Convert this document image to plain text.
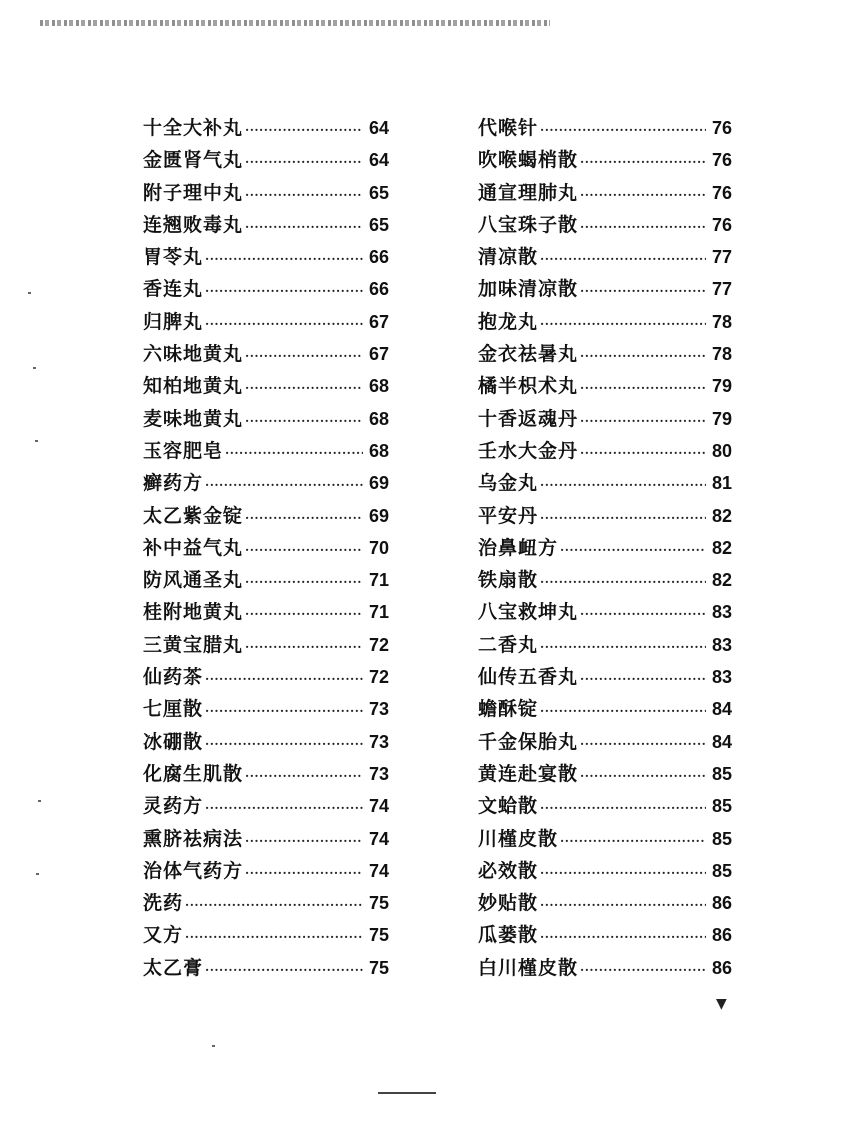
十全大补丸 ·····	64
金匮肾气丸 ·····	64
附子理中丸 ·····	65
连翘败毒丸 ·····	65
胃苓丸 ·····	66
香连丸 ·····	66
归脾丸 ·····	67
六味地黄丸 ·····	67
知柏地黄丸 ·····	68
麦味地黄丸 ·····	68
玉容肥皂 ·····	68
癣药方 ·····	69
太乙紫金锭 ·····	69
补中益气丸 ·····	70
防风通圣丸 ·····	71
桂附地黄丸 ·····	71
三黄宝腊丸 ·····	72
仙药茶 ·····	72
七厘散 ·····	73
冰硼散 ·····	73
化腐生肌散 ·····	73
灵药方 ·····	74
熏脐祛病法 ·····	74
治体气药方 ·····	74
洗药 ·····	75
又方 ·····	75
太乙膏 ·····	75
代喉针 ·····	76
吹喉蝎梢散 ·····	76
通宣理肺丸 ·····	76
八宝珠子散 ·····	76
清凉散 ·····	77
加味清凉散 ·····	77
抱龙丸 ·····	78
金衣祛暑丸 ·····	78
橘半枳术丸 ·····	79
十香返魂丹 ·····	79
壬水大金丹 ·····	80
乌金丸 ·····	81
平安丹 ·····	82
治鼻衄方 ·····	82
铁扇散 ·····	82
八宝救坤丸 ·····	83
二香丸 ·····	83
仙传五香丸 ·····	83
蟾酥锭 ·····	84
千金保胎丸 ·····	84
黄连赴宴散 ·····	85
文蛤散 ·····	85
川槿皮散 ·····	85
必效散 ·····	85
妙贴散 ·····	86
瓜蒌散 ·····	86
白川槿皮散 ·····	86
▼
